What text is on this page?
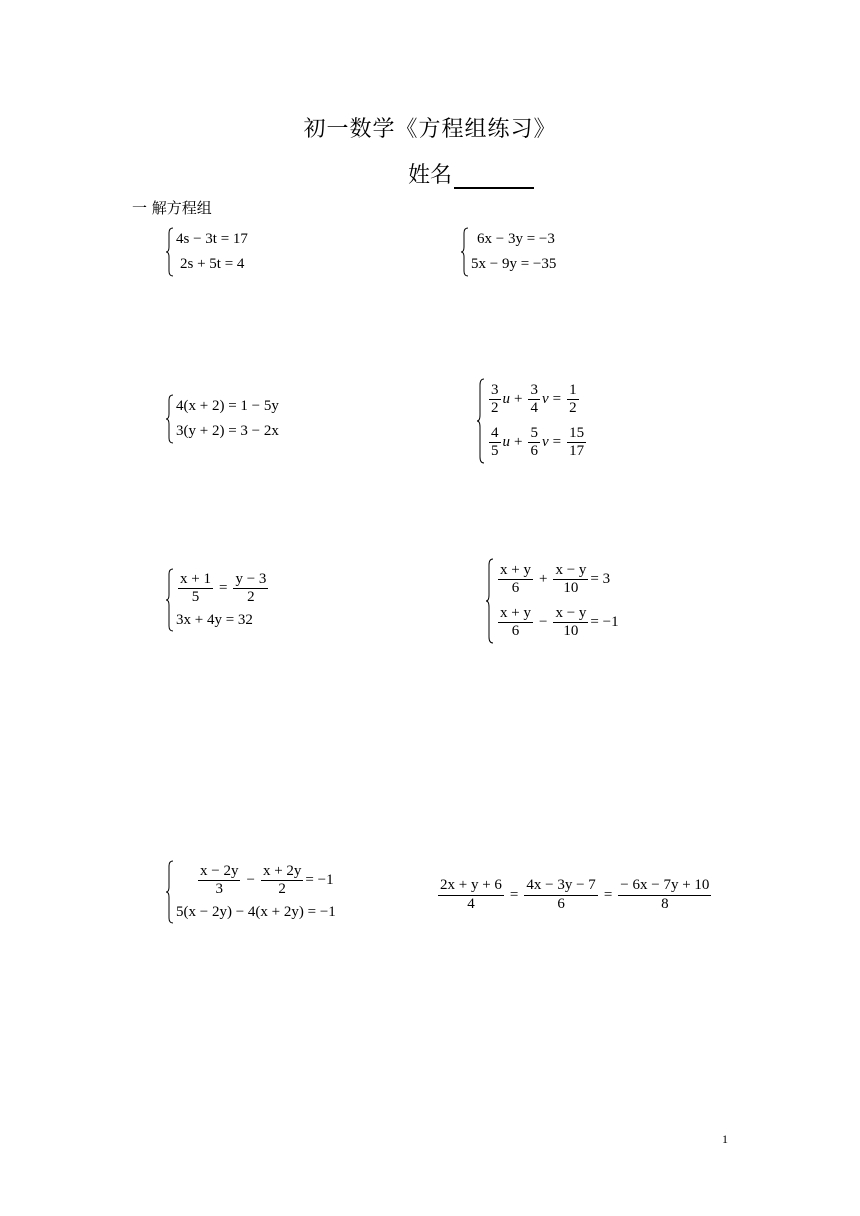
初一数学《方程组练习》
姓名
一 解方程组
4s − 3t = 17
2s + 5t = 4
6x − 3y = −3
5x − 9y = −35
4(x + 2) = 1 − 5y
3(y + 2) = 3 − 2x
$\frac{3}{2}$ $u + \frac{3}{4}$ $v = \frac{1}{2}$
$\frac{4}{5}$ $u + \frac{5}{6}$ $v = \frac{15}{17}$
$\frac{x + 1}{5} = \frac{y - 3}{2}$
3x + 4y = 32
$\frac{x + y}{6} + \frac{x - y}{10} = 3$
$\frac{x + y}{6} - \frac{x - y}{10} = -1$
$\frac{x - 2y}{3} - \frac{x + 2y}{2} = -1$
5(x − 2y) − 4(x + 2y) = −1	$\frac{2x + y + 6}{4} = \frac{4x - 3y - 7}{6} = \frac{- 6x - 7y + 10}{8}$
1
